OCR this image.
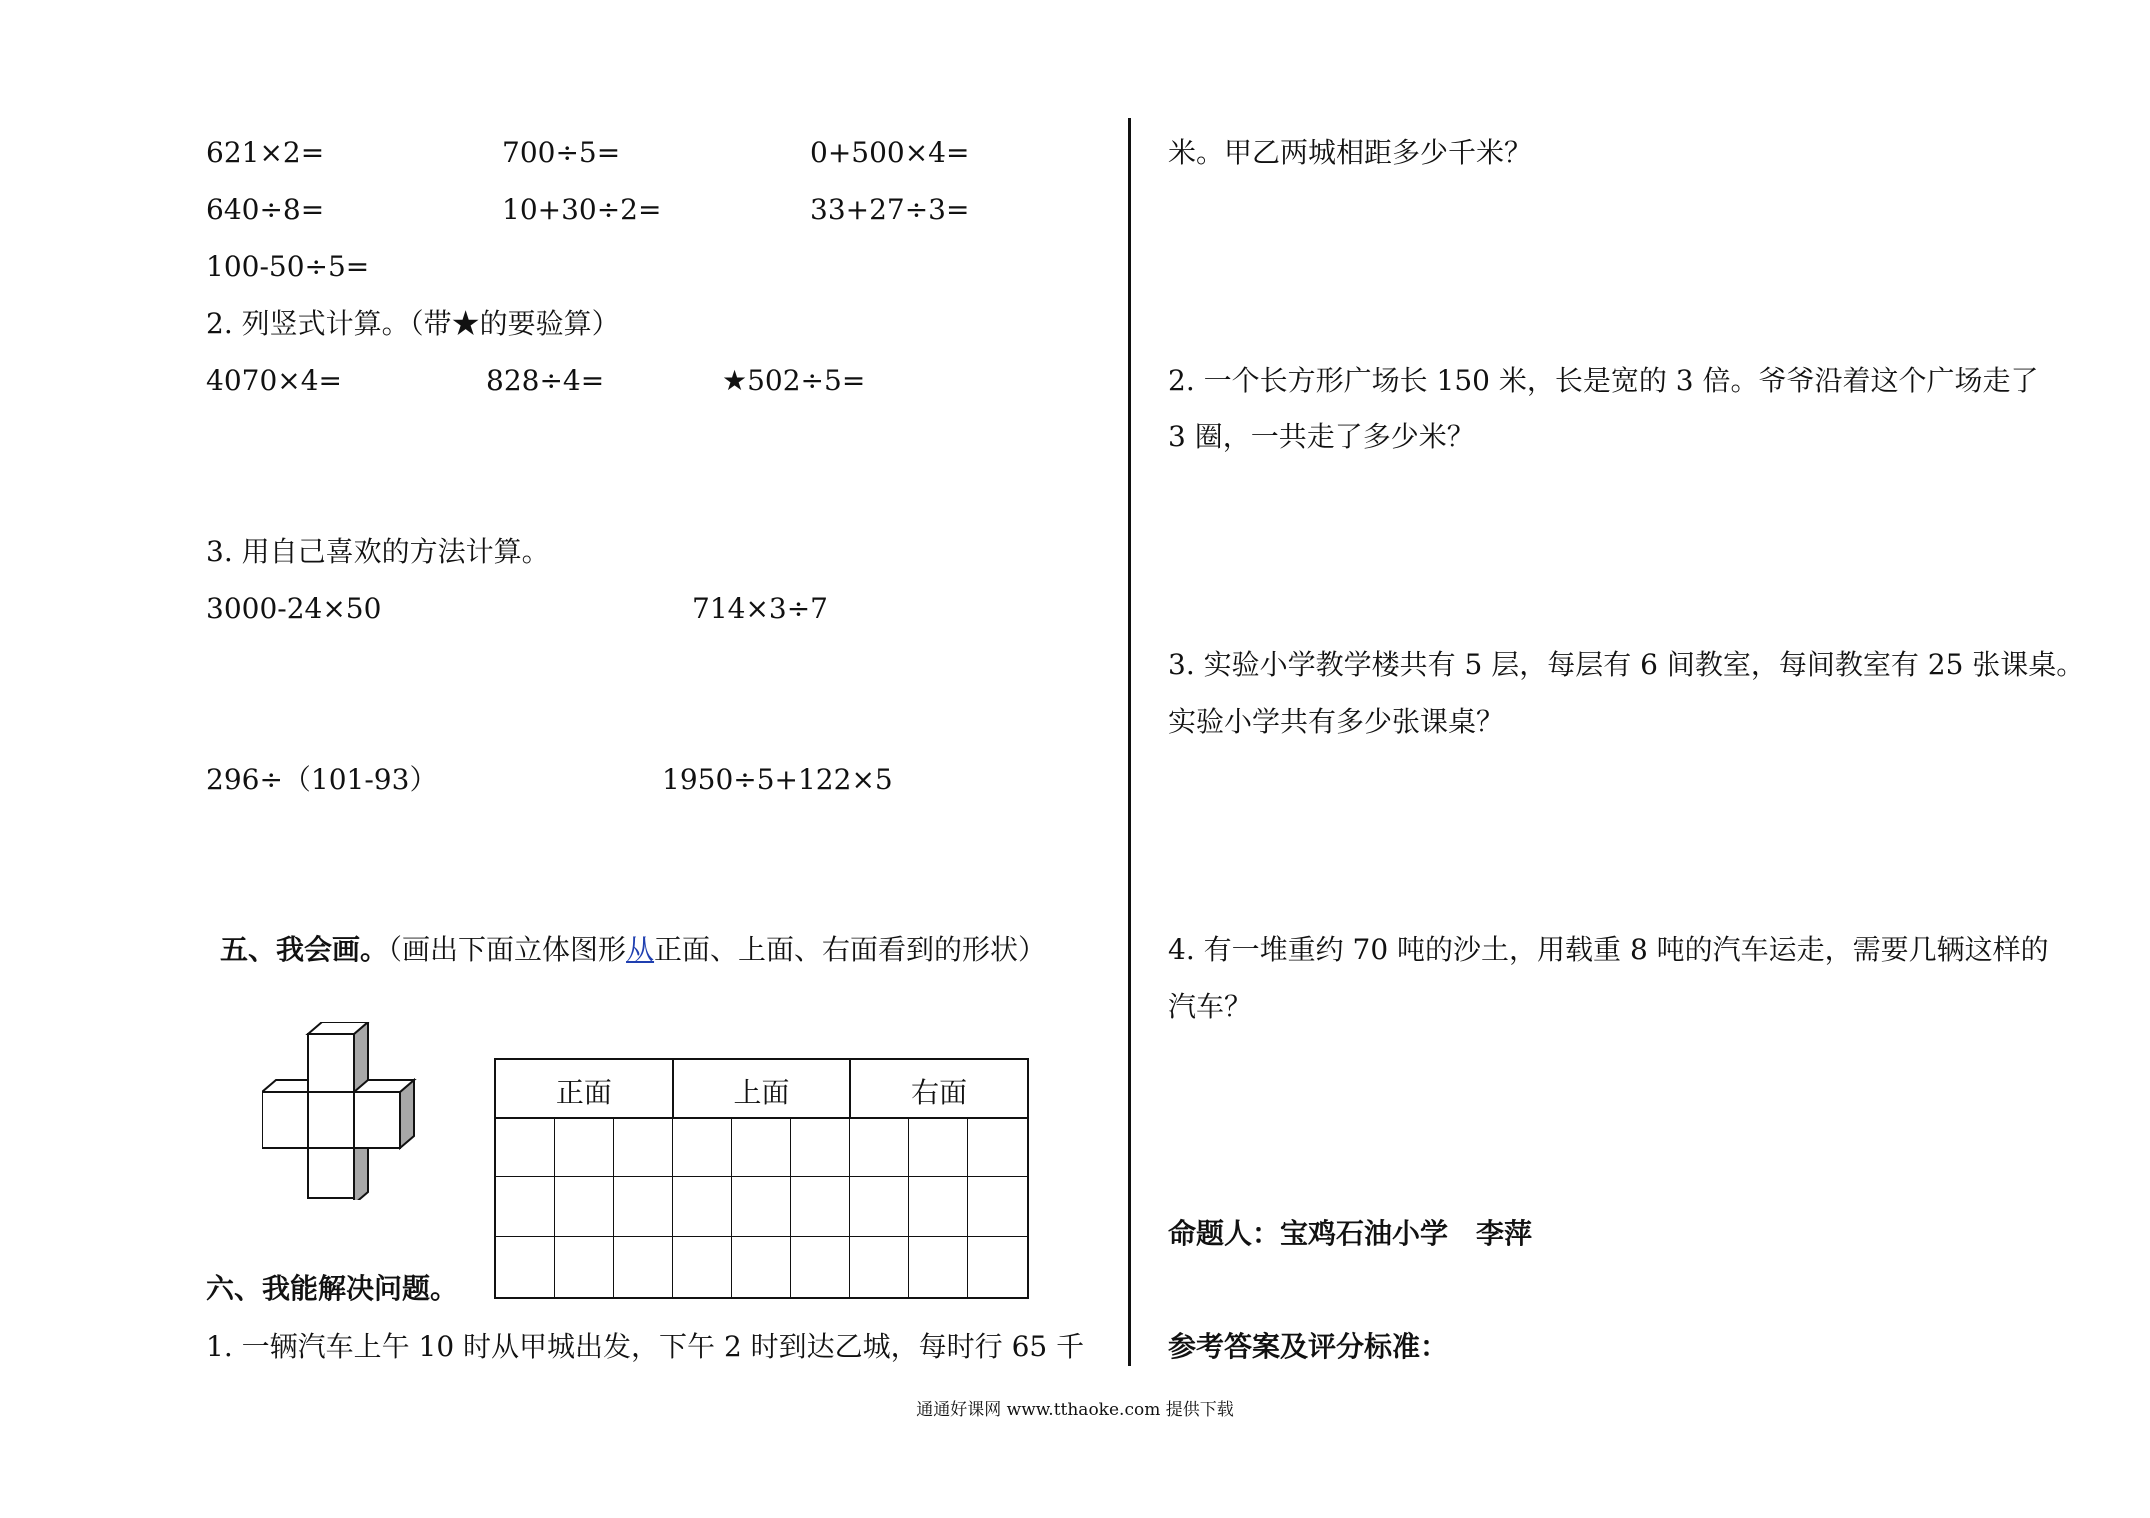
621×2=	700÷5=	0+500×4=
640÷8=	10+30÷2=	33+27÷3=
100-50÷5=
2. 列竖式计算。（带★的要验算）
4070×4=	828÷4=	★502÷5=
3. 用自己喜欢的方法计算。
3000-24×50	714×3÷7
296÷（101-93）	1950÷5+122×5
五、我会画。（画出下面立体图形从正面、上面、右面看到的形状）
正面	上面	右面
六、我能解决问题。
1. 一辆汽车上午 10 时从甲城出发，下午 2 时到达乙城，每时行 65 千
米。甲乙两城相距多少千米？
2. 一个长方形广场长 150 米，长是宽的 3 倍。爷爷沿着这个广场走了
3 圈，一共走了多少米？
3. 实验小学教学楼共有 5 层，每层有 6 间教室，每间教室有 25 张课桌。
实验小学共有多少张课桌？
4. 有一堆重约 70 吨的沙土，用载重 8 吨的汽车运走，需要几辆这样的
汽车？
命题人：宝鸡石油小学　李萍
参考答案及评分标准：
通通好课网 www.tthaoke.com 提供下载
